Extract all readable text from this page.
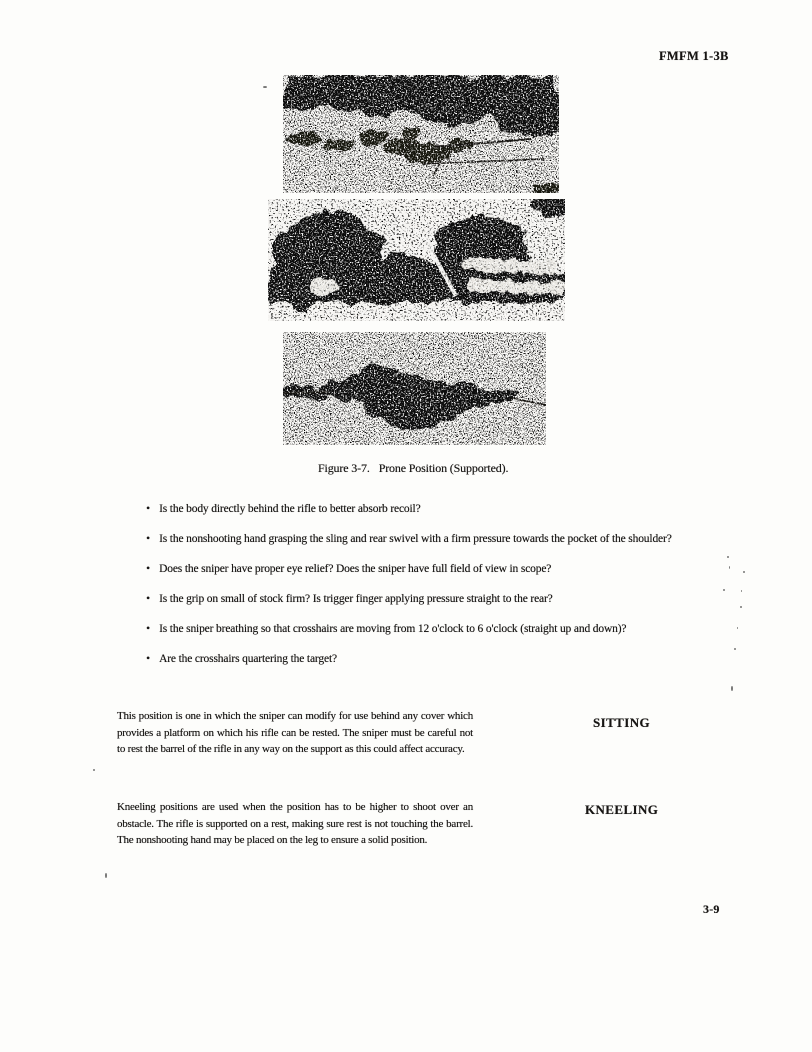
FMFM 1-3B
Figure 3-7. Prone Position (Supported).
• Is the body directly behind the rifle to better absorb recoil?
• Is the nonshooting hand grasping the sling and rear swivel with a firm pressure towards the pocket of the shoulder?
• Does the sniper have proper eye relief? Does the sniper have full field of view in scope?
• Is the grip on small of stock firm? Is trigger finger applying pressure straight to the rear?
• Is the sniper breathing so that crosshairs are moving from 12 o'clock to 6 o'clock (straight up and down)?
• Are the crosshairs quartering the target?

This position is one in which the sniper can modify for use behind any cover which provides a platform on which his rifle can be rested. The sniper must be careful not to rest the barrel of the rifle in any way on the support as this could affect accuracy.

SITTING

Kneeling positions are used when the position has to be higher to shoot over an obstacle. The rifle is supported on a rest, making sure rest is not touching the barrel. The nonshooting hand may be placed on the leg to ensure a solid position.

KNEELING
3-9
